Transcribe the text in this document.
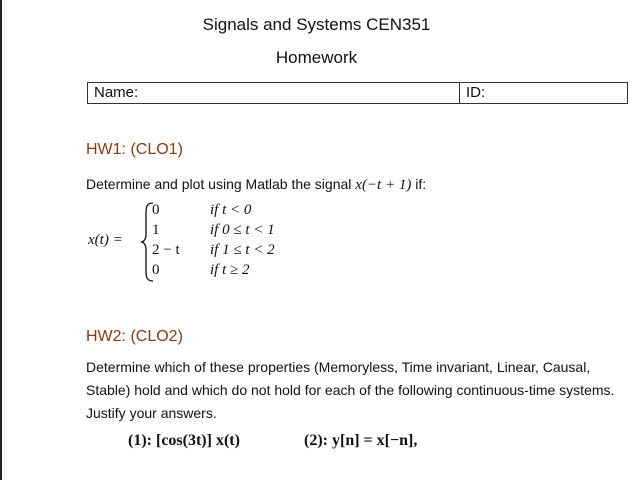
Signals and Systems CEN351
Homework
Name:	ID:
HW1: (CLO1)
Determine and plot using Matlab the signal x(−t + 1) if:
x(t) =
0	if t < 0
1	if 0 ≤ t < 1
2 − t if 1 ≤ t < 2
0	if t ≥ 2
HW2: (CLO2)
Determine which of these properties (Memoryless, Time invariant, Linear, Causal, Stable) hold and which do not hold for each of the following continuous-time systems. Justify your answers.
(1): [cos(3t)] x(t)	(2): y[n] = x[−n],
